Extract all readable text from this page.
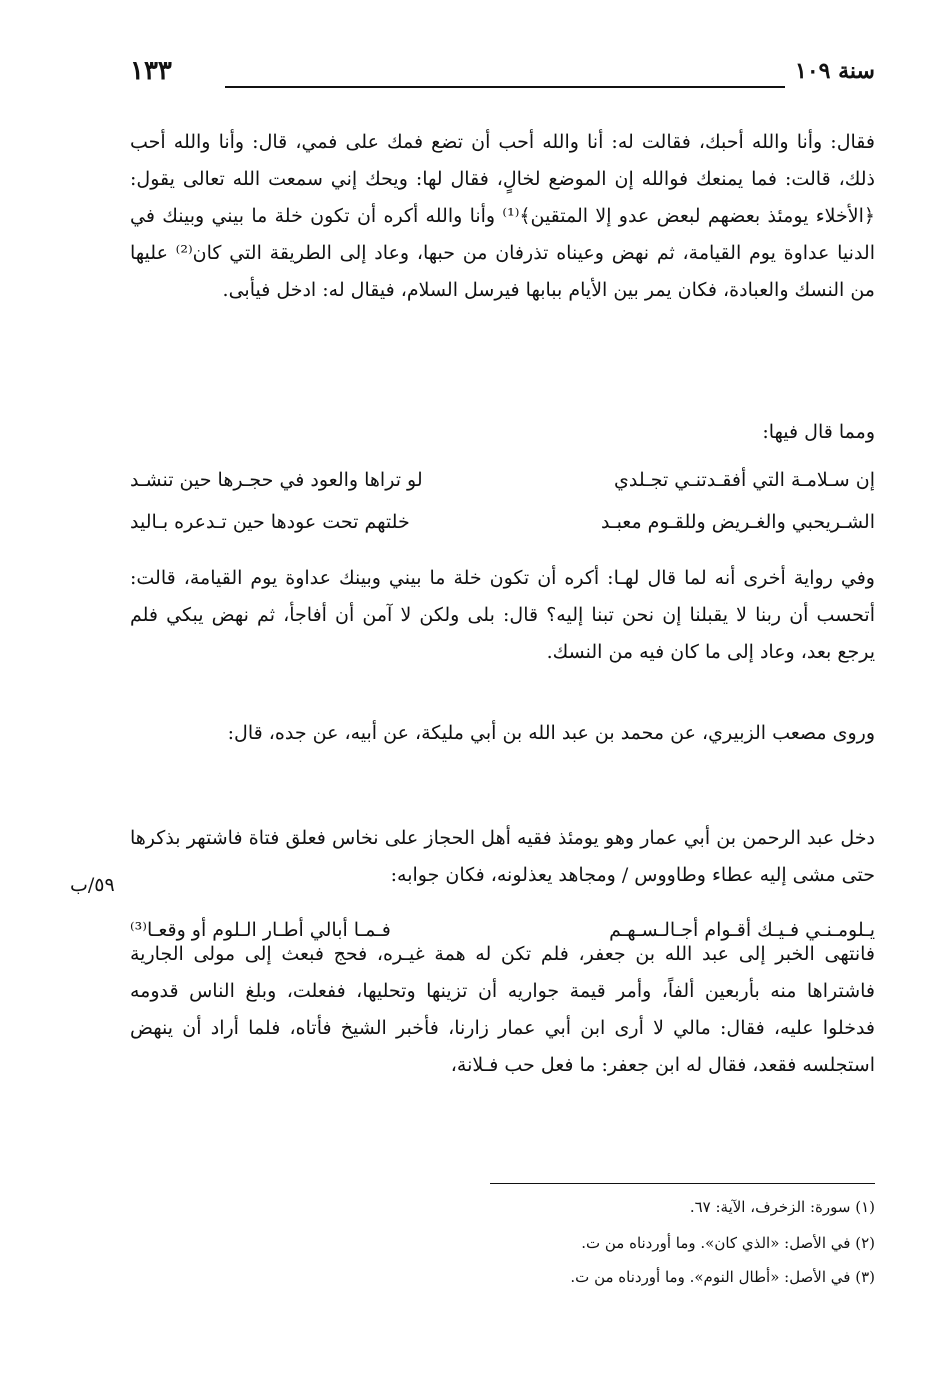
سنة ١٠٩
١٣٣

فقال: وأنا والله أحبك، فقالت له: أنا والله أحب أن تضع فمك على فمي، قال: وأنا والله أحب ذلك، قالت: فما يمنعك فوالله إن الموضع لخالٍ، فقال لها: ويحك إني سمعت الله تعالى يقول: ﴿الأخلاء يومئذ بعضهم لبعض عدو إلا المتقين﴾⁽¹⁾ وأنا والله أكره أن تكون خلة ما بيني وبينك في الدنيا عداوة يوم القيامة، ثم نهض وعيناه تذرفان من حبها، وعاد إلى الطريقة التي كان⁽²⁾ عليها من النسك والعبادة، فكان يمر بين الأيام ببابها فيرسل السلام، فيقال له: ادخل فيأبى.

ومما قال فيها:

إن سـلامـة التي أفقـدتنـي تجـلدي
لو تراها والعود في حجـرها حين تنشـد
الشـريحبي والغـريض وللقـوم معبـد
خلتهم تحت عودها حين تـدعره بـاليد

وفي رواية أخرى أنه لما قال لهـا: أكره أن تكون خلة ما بيني وبينك عداوة يوم القيامة، قالت: أتحسب أن ربنا لا يقبلنا إن نحن تبنا إليه؟ قال: بلى ولكن لا آمن أن أفاجأ، ثم نهض يبكي فلم يرجع بعد، وعاد إلى ما كان فيه من النسك.

وروى مصعب الزبيري، عن محمد بن عبد الله بن أبي مليكة، عن أبيه، عن جده، قال:

دخل عبد الرحمن بن أبي عمار وهو يومئذ فقيه أهل الحجاز على نخاس فعلق فتاة فاشتهر بذكرها حتى مشى إليه عطاء وطاووس / ومجاهد يعذلونه، فكان جوابه:

٥٩/ب
يـلومـنـي فـيـك أقـوام أجـالـسـهـم
فـمـا أبالي أطـار الـلوم أو وقعـا⁽³⁾

فانتهى الخبر إلى عبد الله بن جعفر، فلم تكن له همة غيـره، فحج فبعث إلى مولى الجارية فاشتراها منه بأربعين ألفاً، وأمر قيمة جواريه أن تزينها وتحليها، ففعلت، وبلغ الناس قدومه فدخلوا عليه، فقال: مالي لا أرى ابن أبي عمار زارنا، فأخبر الشيخ فأتاه، فلما أراد أن ينهض استجلسه فقعد، فقال له ابن جعفر: ما فعل حب فـلانة،

(١) سورة: الزخرف، الآية: ٦٧.
(٢) في الأصل: «الذي كان». وما أوردناه من ت.
(٣) في الأصل: «أطال النوم». وما أوردناه من ت.
